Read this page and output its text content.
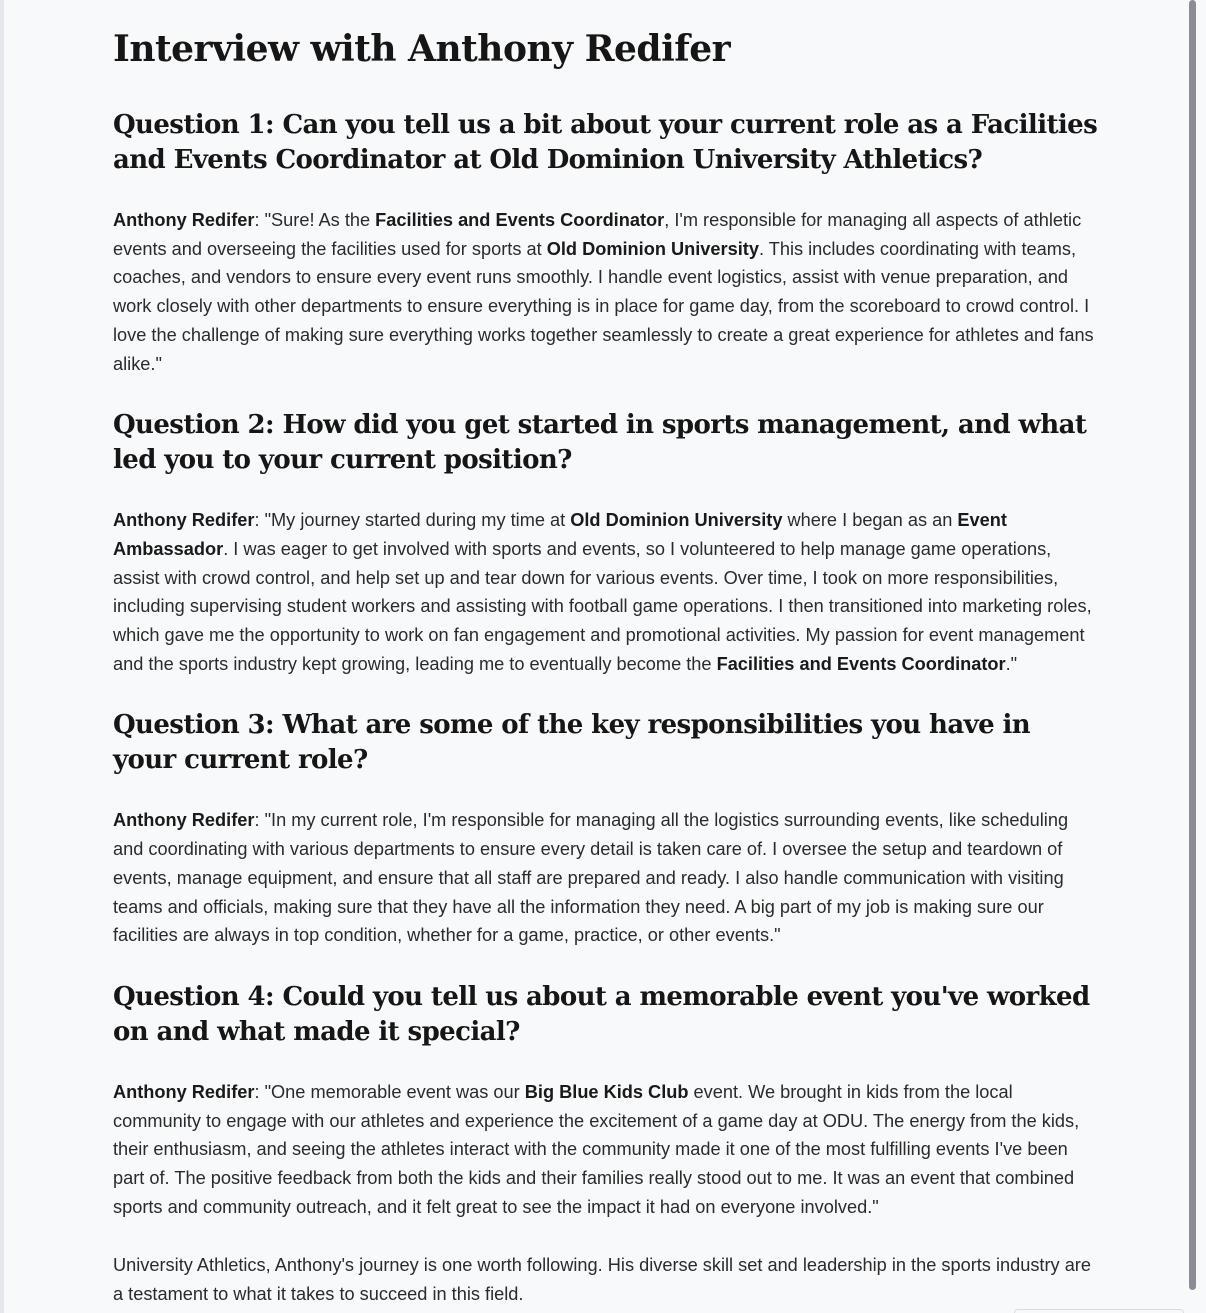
Interview with Anthony Redifer
Question 1: Can you tell us a bit about your current role as a Facilities and Events Coordinator at Old Dominion University Athletics?

Anthony Redifer: "Sure! As the Facilities and Events Coordinator, I'm responsible for managing all aspects of athletic events and overseeing the facilities used for sports at Old Dominion University. This includes coordinating with teams, coaches, and vendors to ensure every event runs smoothly. I handle event logistics, assist with venue preparation, and work closely with other departments to ensure everything is in place for game day, from the scoreboard to crowd control. I love the challenge of making sure everything works together seamlessly to create a great experience for athletes and fans alike."

Question 2: How did you get started in sports management, and what led you to your current position?

Anthony Redifer: "My journey started during my time at Old Dominion University where I began as an Event Ambassador. I was eager to get involved with sports and events, so I volunteered to help manage game operations, assist with crowd control, and help set up and tear down for various events. Over time, I took on more responsibilities, including supervising student workers and assisting with football game operations. I then transitioned into marketing roles, which gave me the opportunity to work on fan engagement and promotional activities. My passion for event management and the sports industry kept growing, leading me to eventually become the Facilities and Events Coordinator."

Question 3: What are some of the key responsibilities you have in your current role?

Anthony Redifer: "In my current role, I'm responsible for managing all the logistics surrounding events, like scheduling and coordinating with various departments to ensure every detail is taken care of. I oversee the setup and teardown of events, manage equipment, and ensure that all staff are prepared and ready. I also handle communication with visiting teams and officials, making sure that they have all the information they need. A big part of my job is making sure our facilities are always in top condition, whether for a game, practice, or other events."

Question 4: Could you tell us about a memorable event you've worked on and what made it special?

Anthony Redifer: "One memorable event was our Big Blue Kids Club event. We brought in kids from the local community to engage with our athletes and experience the excitement of a game day at ODU. The energy from the kids, their enthusiasm, and seeing the athletes interact with the community made it one of the most fulfilling events I've been part of. The positive feedback from both the kids and their families really stood out to me. It was an event that combined sports and community outreach, and it felt great to see the impact it had on everyone involved."

University Athletics, Anthony's journey is one worth following. His diverse skill set and leadership in the sports industry are a testament to what it takes to succeed in this field.
